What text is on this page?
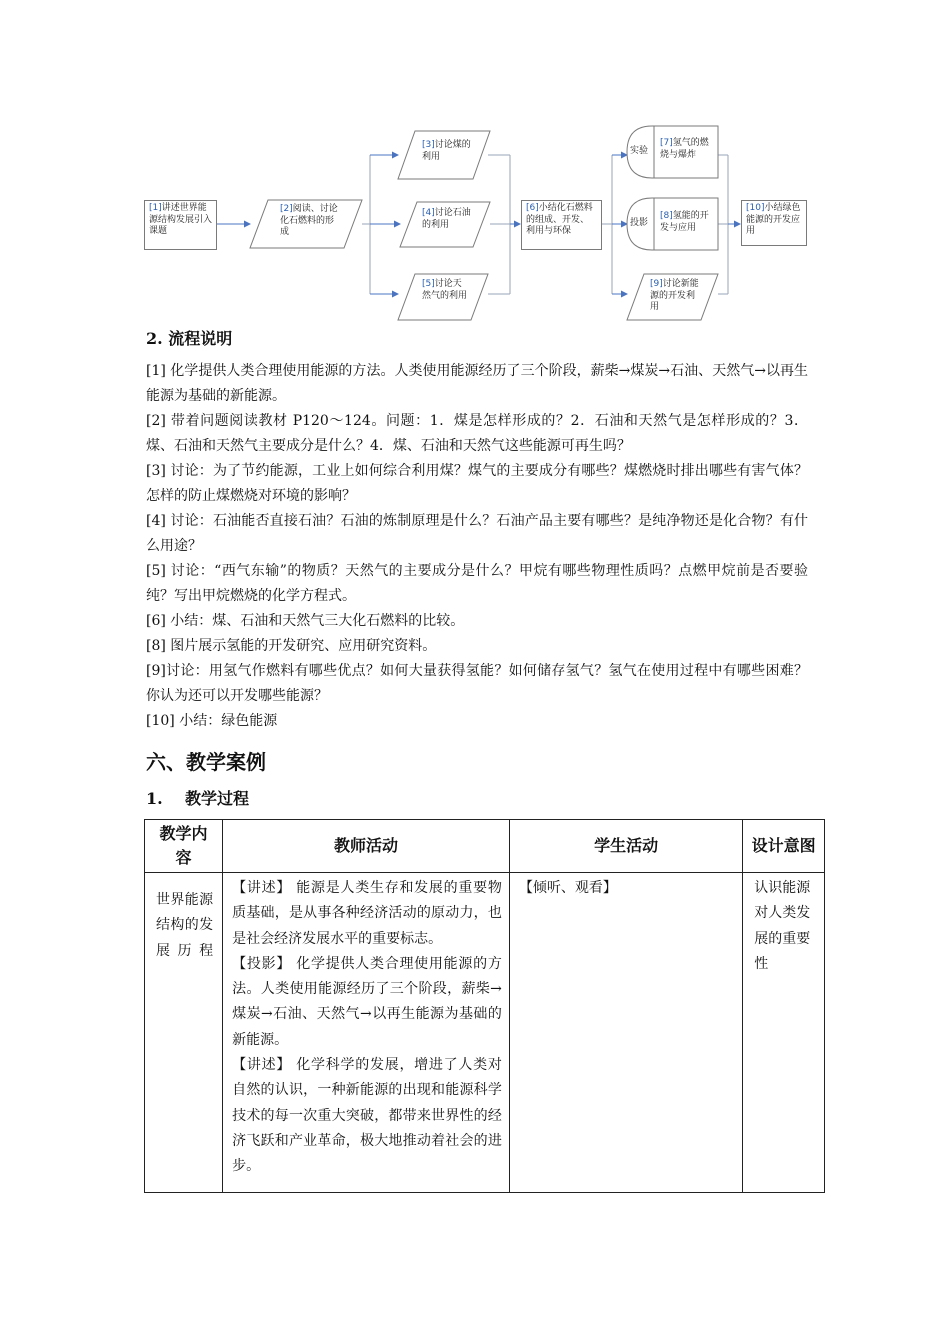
[1]讲述世界能源结构发展引入课题
[2]阅读、讨论化石燃料的形成
[3]讨论煤的利用
[4]讨论石油的利用
[5]讨论天然气的利用
[6]小结化石燃料的组成、开发、利用与环保
实验
[7]氢气的燃烧与爆炸
投影
[8]氢能的开发与应用
[9]讨论新能源的开发利用
[10]小结绿色能源的开发应用
2. 流程说明

[1] 化学提供人类合理使用能源的方法。人类使用能源经历了三个阶段，薪柴→煤炭→石油、天然气→以再生能源为基础的新能源。

[2] 带着问题阅读教材 P120～124。问题：1．煤是怎样形成的？2．石油和天然气是怎样形成的？3．煤、石油和天然气主要成分是什么？4．煤、石油和天然气这些能源可再生吗？

[3] 讨论：为了节约能源，工业上如何综合利用煤？煤气的主要成分有哪些？煤燃烧时排出哪些有害气体？怎样的防止煤燃烧对环境的影响？

[4] 讨论：石油能否直接石油？石油的炼制原理是什么？石油产品主要有哪些？是纯净物还是化合物？有什么用途？

[5] 讨论：“西气东输”的物质？天然气的主要成分是什么？甲烷有哪些物理性质吗？点燃甲烷前是否要验纯？写出甲烷燃烧的化学方程式。

[6] 小结：煤、石油和天然气三大化石燃料的比较。

[8] 图片展示氢能的开发研究、应用研究资料。

[9]讨论：用氢气作燃料有哪些优点？如何大量获得氢能？如何储存氢气？氢气在使用过程中有哪些困难？你认为还可以开发哪些能源？

[10] 小结：绿色能源

六、教学案例
1.    教学过程
教学内容	教师活动	学生活动	设计意图

世界能源结构的发展历程	【讲述】 能源是人类生存和发展的重要物质基础，是从事各种经济活动的原动力，也是社会经济发展水平的重要标志。
【投影】 化学提供人类合理使用能源的方法。人类使用能源经历了三个阶段，薪柴→煤炭→石油、天然气→以再生能源为基础的新能源。
【讲述】 化学科学的发展，增进了人类对自然的认识，一种新能源的出现和能源科学技术的每一次重大突破，都带来世界性的经济飞跃和产业革命，极大地推动着社会的进步。	【倾听、观看】	认识能源对人类发展的重要性
